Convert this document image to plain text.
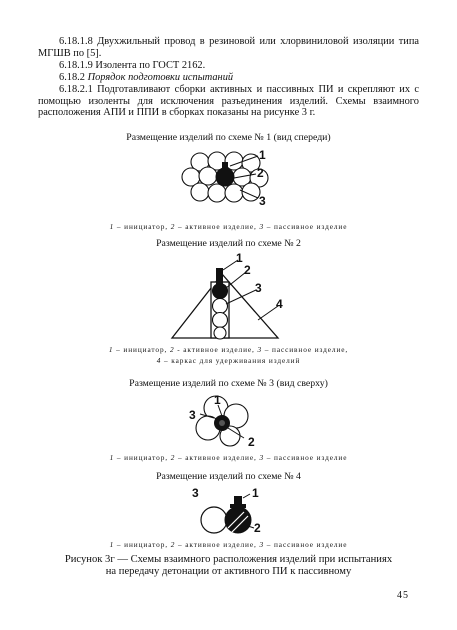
6.18.1.8 Двухжильный провод в резиновой или хлорвиниловой изоляции типа МГШВ по [5].

6.18.1.9 Изолента по ГОСТ 2162.

6.18.2 Порядок подготовки испытаний

6.18.2.1 Подготавливают сборки активных и пассивных ПИ и скрепляют их с помощью изоленты для исключения разъединения изделий. Схемы взаимного расположения АПИ и ППИ в сборках показаны на рисунке 3 г.

Размещение изделий по схеме № 1 (вид спереди)
1
2
3
1 – инициатор, 2 – активное изделие, 3 – пассивное изделие
Размещение изделий по схеме № 2
1
2
3
4
1 – инициатор, 2 - активное изделие, 3 – пассивное изделие,
4 – каркас для удерживания изделий
Размещение изделий по схеме № 3 (вид сверху)
1
3
2
1 – инициатор, 2 – активное изделие, 3 – пассивное изделие
Размещение изделий по схеме № 4
3	1
2
1 – инициатор, 2 – активное изделие, 3 – пассивное изделие
Рисунок 3г — Схемы взаимного расположения изделий при испытаниях
на передачу детонации от активного ПИ к пассивному
45
